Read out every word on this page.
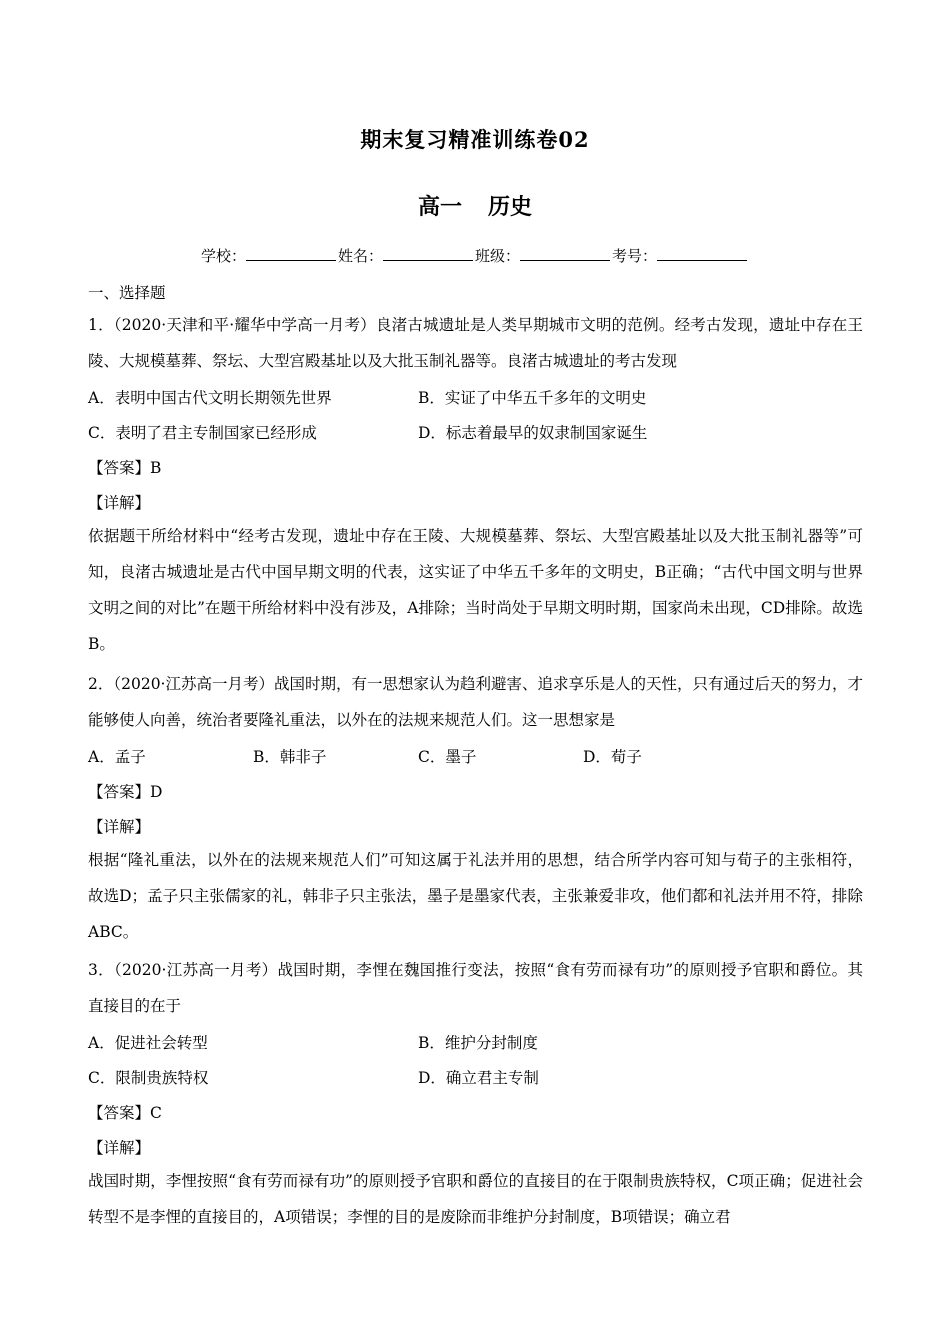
期末复习精准训练卷02
高一 历史
学校：	姓名：	班级：	考号：
一、选择题
1．（2020·天津和平·耀华中学高一月考）良渚古城遗址是人类早期城市文明的范例。经考古发现，遗址中存在王陵、大规模墓葬、祭坛、大型宫殿基址以及大批玉制礼器等。良渚古城遗址的考古发现
A．表明中国古代文明长期领先世界	B．实证了中华五千多年的文明史
C．表明了君主专制国家已经形成	D．标志着最早的奴隶制国家诞生
【答案】B
【详解】
依据题干所给材料中“经考古发现，遗址中存在王陵、大规模墓葬、祭坛、大型宫殿基址以及大批玉制礼器等”可知，良渚古城遗址是古代中国早期文明的代表，这实证了中华五千多年的文明史，B正确；“古代中国文明与世界文明之间的对比”在题干所给材料中没有涉及，A排除；当时尚处于早期文明时期，国家尚未出现，CD排除。故选B。
2．（2020·江苏高一月考）战国时期，有一思想家认为趋利避害、追求享乐是人的天性，只有通过后天的努力，才能够使人向善，统治者要隆礼重法，以外在的法规来规范人们。这一思想家是
A．孟子	B．韩非子	C．墨子	D．荀子
【答案】D
【详解】
根据“隆礼重法，以外在的法规来规范人们”可知这属于礼法并用的思想，结合所学内容可知与荀子的主张相符，故选D；孟子只主张儒家的礼，韩非子只主张法，墨子是墨家代表，主张兼爱非攻，他们都和礼法并用不符，排除ABC。
3．（2020·江苏高一月考）战国时期，李悝在魏国推行变法，按照“食有劳而禄有功”的原则授予官职和爵位。其直接目的在于
A．促进社会转型	B．维护分封制度
C．限制贵族特权	D．确立君主专制
【答案】C
【详解】
战国时期，李悝按照“食有劳而禄有功”的原则授予官职和爵位的直接目的在于限制贵族特权，C项正确；促进社会转型不是李悝的直接目的，A项错误；李悝的目的是废除而非维护分封制度，B项错误；确立君
